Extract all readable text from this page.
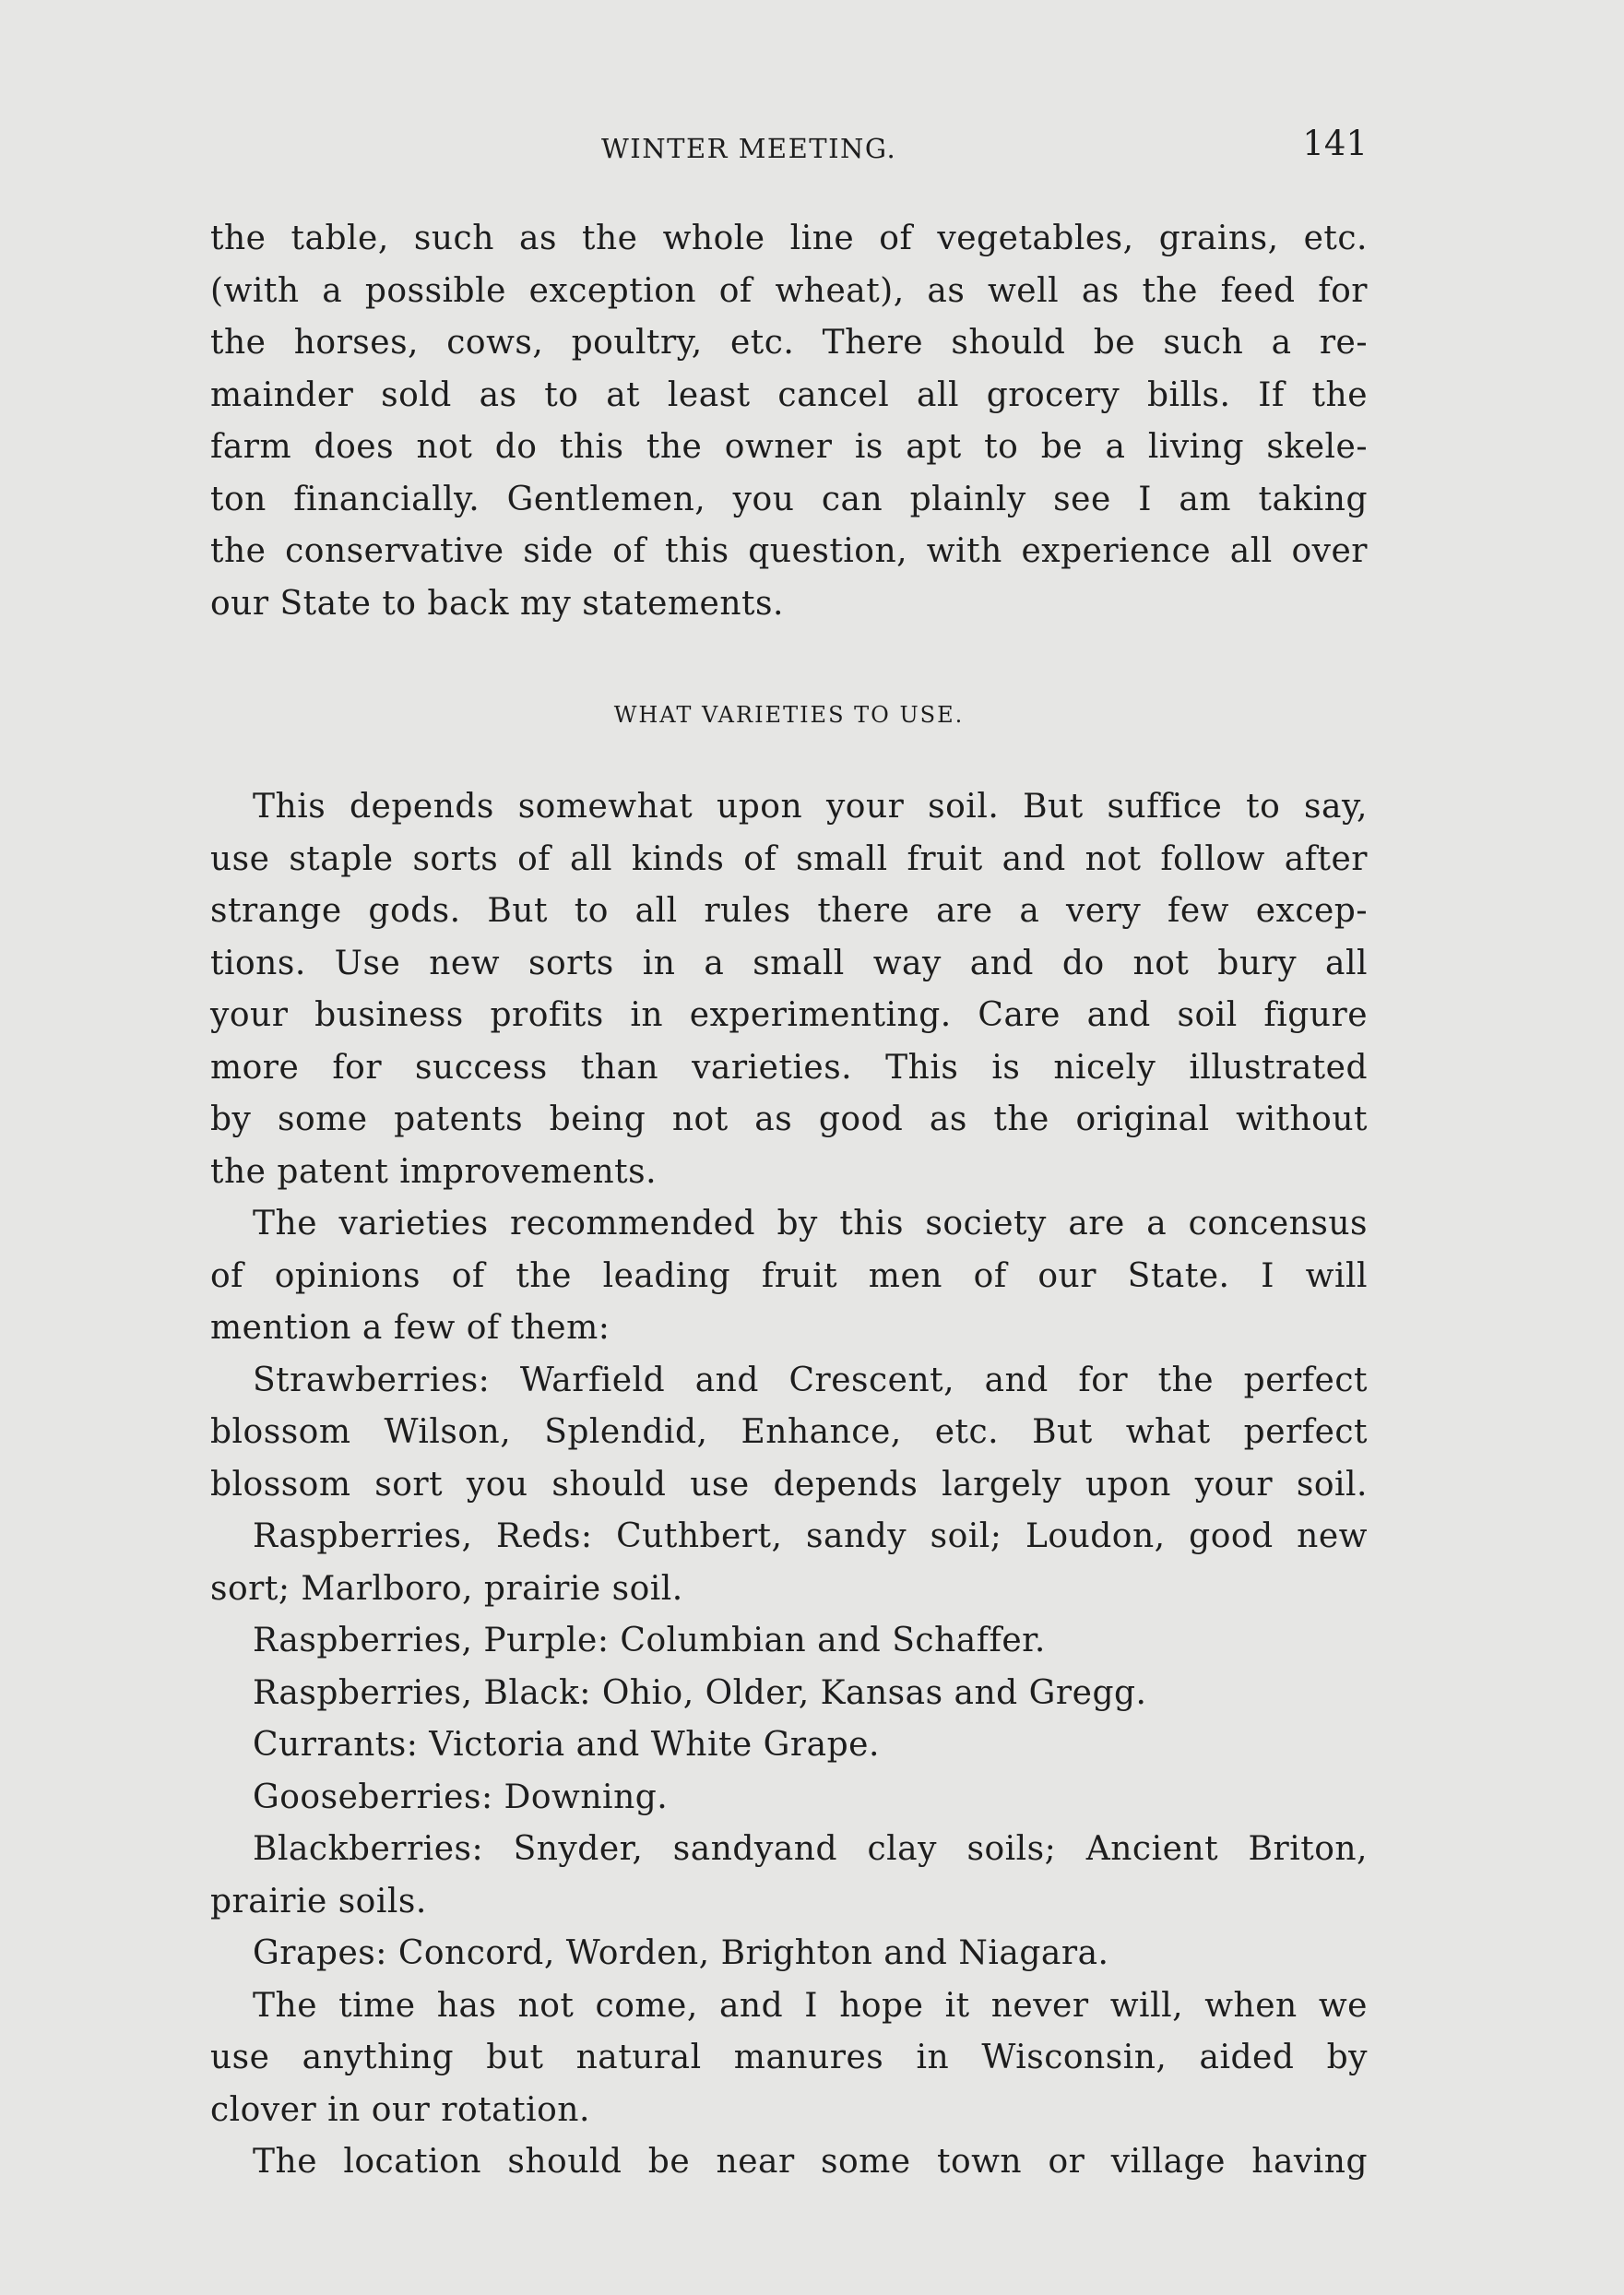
WINTER MEETING.	141
the table, such as the whole line of vegetables, grains, etc.
(with a possible exception of wheat), as well as the feed for
the horses, cows, poultry, etc. There should be such a re-
mainder sold as to at least cancel all grocery bills. If the
farm does not do this the owner is apt to be a living skele-
ton financially. Gentlemen, you can plainly see I am taking
the conservative side of this question, with experience all over
our State to back my statements.
WHAT VARIETIES TO USE.
This depends somewhat upon your soil. But suffice to say,
use staple sorts of all kinds of small fruit and not follow after
strange gods. But to all rules there are a very few excep-
tions. Use new sorts in a small way and do not bury all
your business profits in experimenting. Care and soil figure
more for success than varieties. This is nicely illustrated
by some patents being not as good as the original without
the patent improvements.
The varieties recommended by this society are a concensus
of opinions of the leading fruit men of our State. I will
mention a few of them:
Strawberries: Warfield and Crescent, and for the perfect
blossom Wilson, Splendid, Enhance, etc. But what perfect
blossom sort you should use depends largely upon your soil.
Raspberries, Reds: Cuthbert, sandy soil; Loudon, good new
sort; Marlboro, prairie soil.
Raspberries, Purple: Columbian and Schaffer.
Raspberries, Black: Ohio, Older, Kansas and Gregg.
Currants: Victoria and White Grape.
Gooseberries: Downing.
Blackberries: Snyder, sandyand clay soils; Ancient Briton,
prairie soils.
Grapes: Concord, Worden, Brighton and Niagara.
The time has not come, and I hope it never will, when we
use anything but natural manures in Wisconsin, aided by
clover in our rotation.
The location should be near some town or village having
